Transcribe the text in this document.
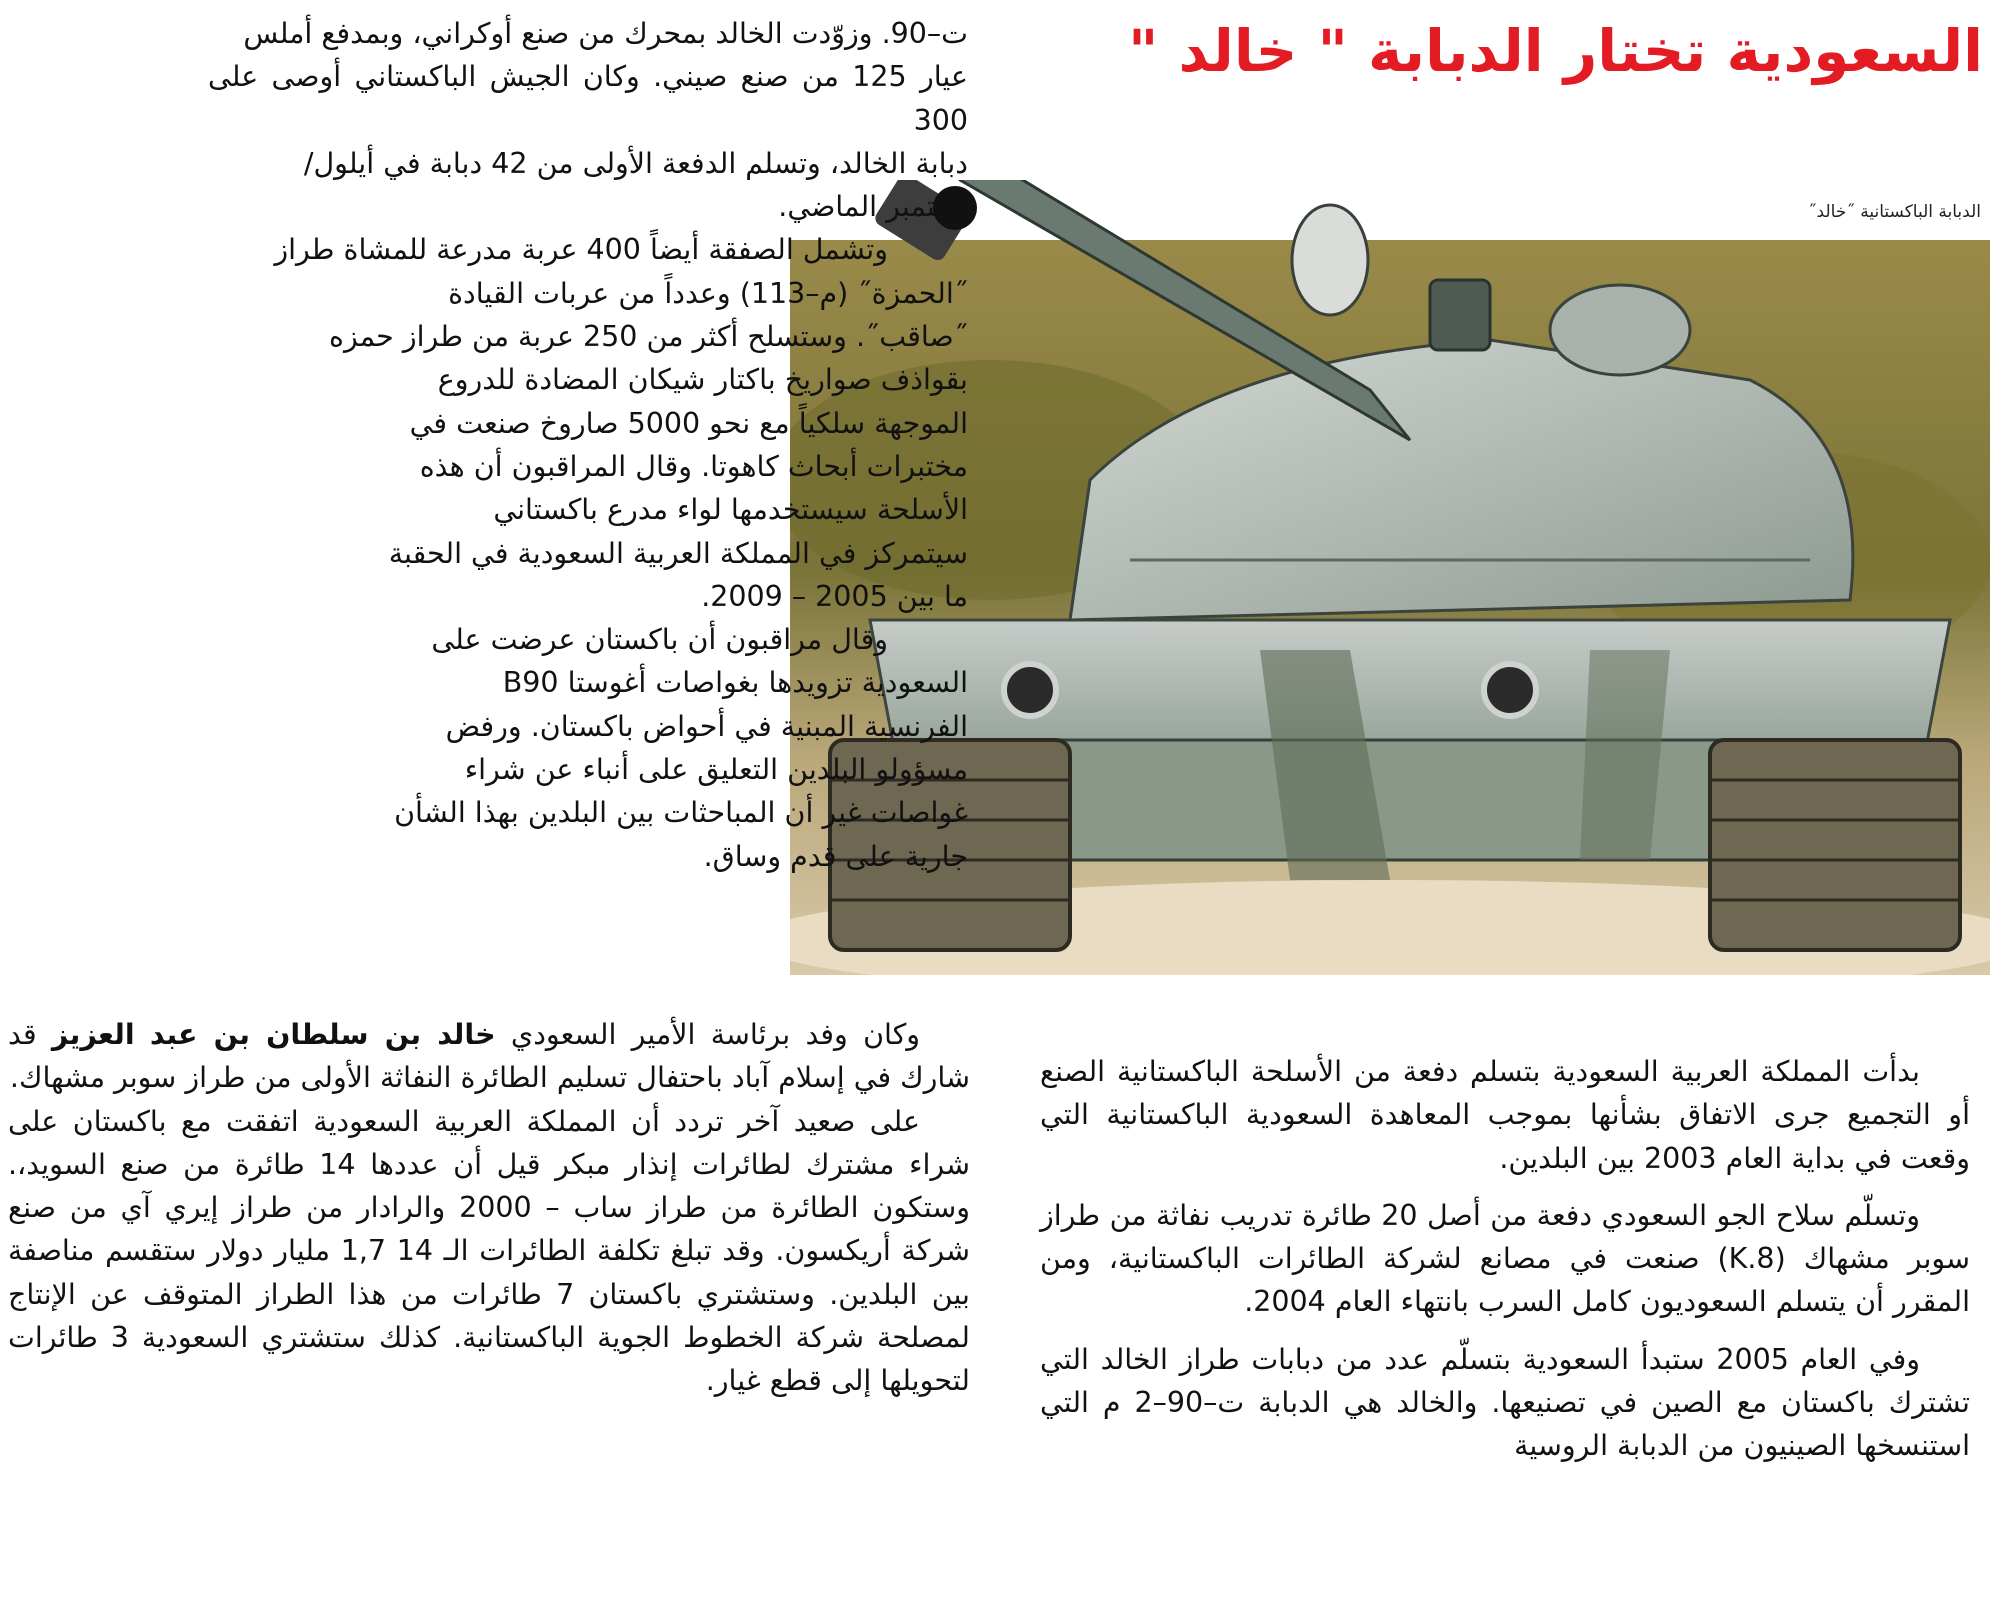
السعودية تختار الدبابة " خالد "
الدبابة الباكستانية ˝خالد˝

ت–90. وزوّدت الخالد بمحرك من صنع أوكراني، وبمدفع أملس
عيار 125 من صنع صيني. وكان الجيش الباكستاني أوصى على 300
دبابة الخالد، وتسلم الدفعة الأولى من 42 دبابة في أيلول/
سبتمبر الماضي.

وتشمل الصفقة أيضاً 400 عربة مدرعة للمشاة طراز
˝الحمزة˝ (م–113) وعدداً من عربات القيادة
˝صاقب˝. وستسلح أكثر من 250 عربة من طراز حمزه
بقواذف صواريخ باكتار شيكان المضادة للدروع
الموجهة سلكياً مع نحو 5000 صاروخ صنعت في
مختبرات أبحاث كاهوتا. وقال المراقبون أن هذه
الأسلحة سيستخدمها لواء مدرع باكستاني
سيتمركز في المملكة العربية السعودية في الحقبة
ما بين 2005 – 2009.

وقال مراقبون أن باكستان عرضت على
السعودية تزويدها بغواصات أغوستا B90
الفرنسية المبنية في أحواض باكستان. ورفض
مسؤولو البلدين التعليق على أنباء عن شراء
غواصات غير أن المباحثات بين البلدين بهذا الشأن
جارية على قدم وساق.

وكان وفد برئاسة الأمير السعودي خالد بن سلطان بن عبد العزيز قد شارك في إسلام آباد باحتفال تسليم الطائرة النفاثة الأولى من طراز سوبر مشهاك.

على صعيد آخر تردد أن المملكة العربية السعودية اتفقت مع باكستان على شراء مشترك لطائرات إنذار مبكر قيل أن عددها 14 طائرة من صنع السويد،. وستكون الطائرة من طراز ساب – 2000 والرادار من طراز إيري آي من صنع شركة أريكسون. وقد تبلغ تكلفة الطائرات الـ 14 1,7 مليار دولار ستقسم مناصفة بين البلدين. وستشتري باكستان 7 طائرات من هذا الطراز المتوقف عن الإنتاج لمصلحة شركة الخطوط الجوية الباكستانية. كذلك ستشتري السعودية 3 طائرات لتحويلها إلى قطع غيار.

بدأت المملكة العربية السعودية بتسلم دفعة من الأسلحة الباكستانية الصنع أو التجميع جرى الاتفاق بشأنها بموجب المعاهدة السعودية الباكستانية التي وقعت في بداية العام 2003 بين البلدين.

وتسلّم سلاح الجو السعودي دفعة من أصل 20 طائرة تدريب نفاثة من طراز سوبر مشهاك (K.8) صنعت في مصانع لشركة الطائرات الباكستانية، ومن المقرر أن يتسلم السعوديون كامل السرب بانتهاء العام 2004.

وفي العام 2005 ستبدأ السعودية بتسلّم عدد من دبابات طراز الخالد التي تشترك باكستان مع الصين في تصنيعها. والخالد هي الدبابة ت–90–2 م التي استنسخها الصينيون من الدبابة الروسية
